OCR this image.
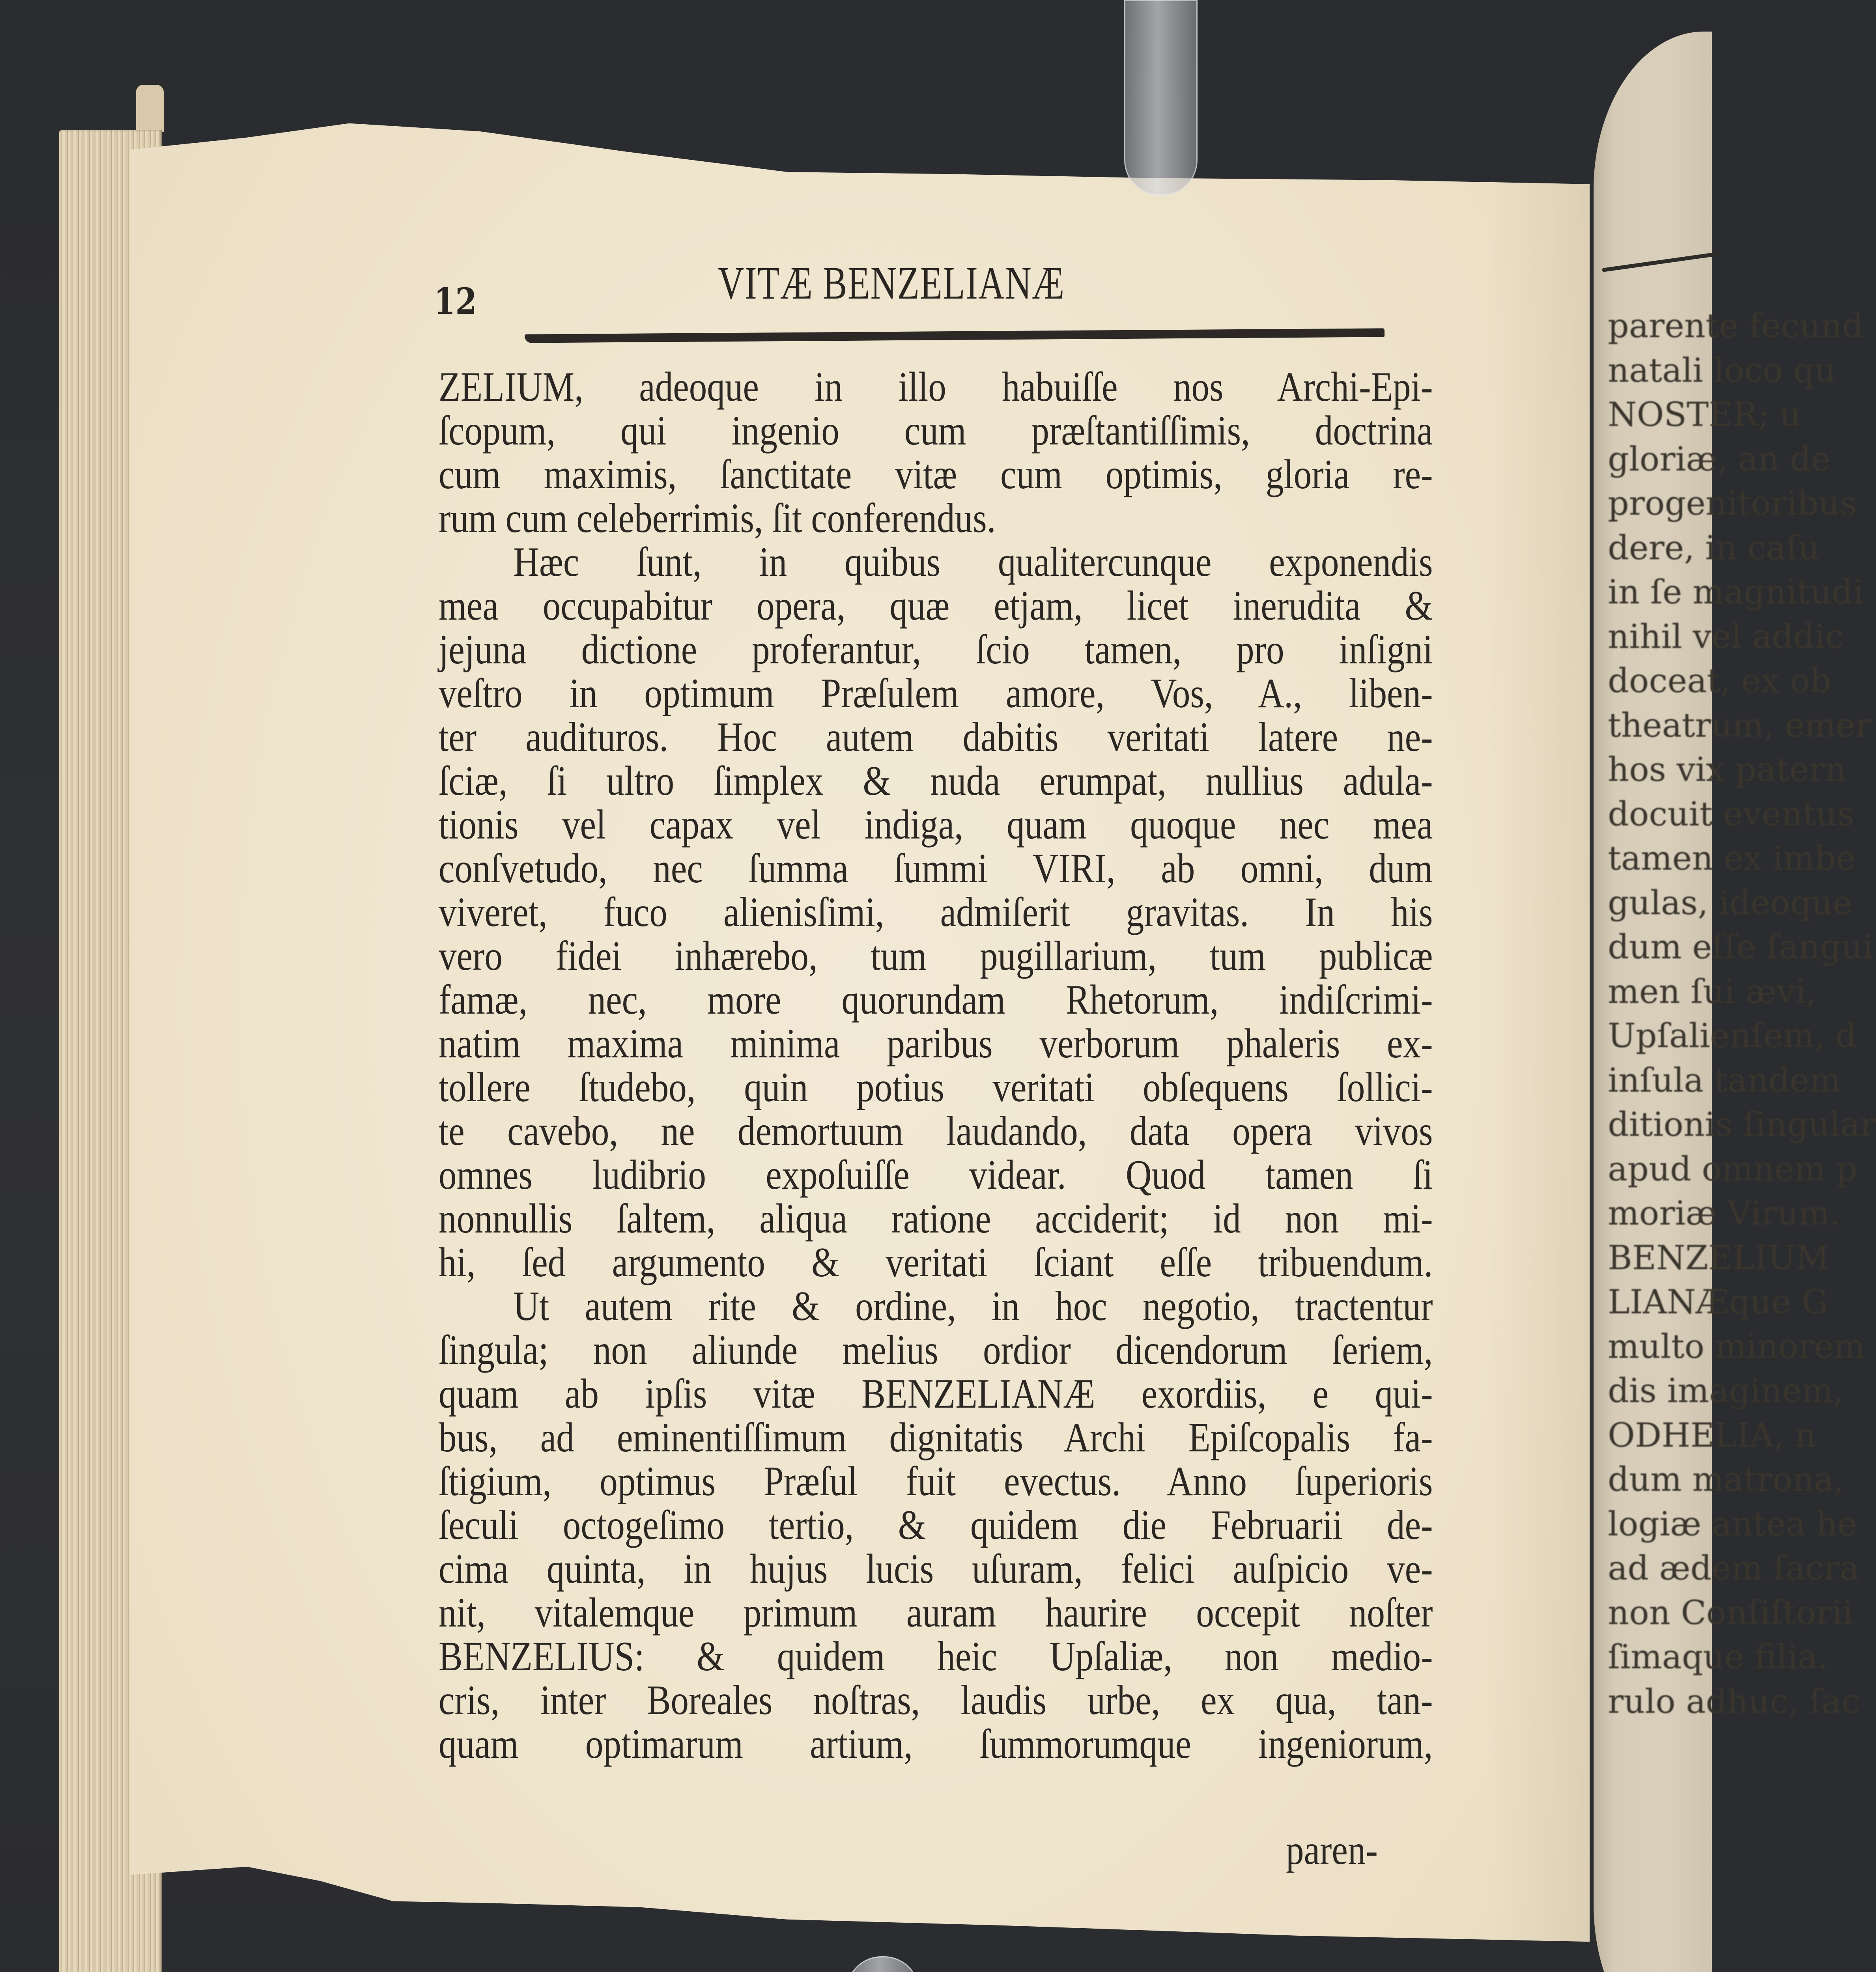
parente fecund
natali loco qu
NOSTER; u
gloriæ, an de
progenitoribus
dere, in caſu
in ſe magnitudi
nihil vel addic
doceat, ex ob
theatrum, emer
hos vix patern
docuit eventus
tamen ex imbe
gulas, ideoque
dum eſſe ſangui
men ſui ævi,
Upſalienſem, d
inſula tandem
ditionis ſingular
apud omnem p
moriæ Virum.
BENZELIUM
LIANÆque G
multo minorem
dis imaginem,
ODHELIA, n
dum matrona,
logiæ antea he
ad ædem ſacra
non Conſiſtorii
ſimaque filia.
rulo adhuc, ſac
12	VITÆ BENZELIANÆ
ZELIUM, adeoque in illo habuiſſe nos Archi-Epi-
ſcopum, qui ingenio cum præſtantiſſimis, doctrina
cum maximis, ſanctitate vitæ cum optimis, gloria re-
rum cum celeberrimis, ſit conferendus.
Hæc ſunt, in quibus qualitercunque exponendis
mea occupabitur opera, quæ etjam, licet inerudita &
jejuna dictione proferantur, ſcio tamen, pro inſigni
veſtro in optimum Præſulem amore, Vos, A., liben-
ter audituros. Hoc autem dabitis veritati latere ne-
ſciæ, ſi ultro ſimplex & nuda erumpat, nullius adula-
tionis vel capax vel indiga, quam quoque nec mea
conſvetudo, nec ſumma ſummi VIRI, ab omni, dum
viveret, fuco alienisſimi, admiſerit gravitas. In his
vero fidei inhærebo, tum pugillarium, tum publicæ
famæ, nec, more quorundam Rhetorum, indiſcrimi-
natim maxima minima paribus verborum phaleris ex-
tollere ſtudebo, quin potius veritati obſequens ſollici-
te cavebo, ne demortuum laudando, data opera vivos
omnes ludibrio expoſuiſſe videar. Quod tamen ſi
nonnullis ſaltem, aliqua ratione acciderit; id non mi-
hi, ſed argumento & veritati ſciant eſſe tribuendum.
Ut autem rite & ordine, in hoc negotio, tractentur
ſingula; non aliunde melius ordior dicendorum ſeriem,
quam ab ipſis vitæ BENZELIANÆ exordiis, e qui-
bus, ad eminentiſſimum dignitatis Archi Epiſcopalis fa-
ſtigium, optimus Præſul fuit evectus. Anno ſuperioris
ſeculi octogeſimo tertio, & quidem die Februarii de-
cima quinta, in hujus lucis uſuram, felici auſpicio ve-
nit, vitalemque primum auram haurire occepit noſter
BENZELIUS: & quidem heic Upſaliæ, non medio-
cris, inter Boreales noſtras, laudis urbe, ex qua, tan-
quam optimarum artium, ſummorumque ingeniorum,
paren-
